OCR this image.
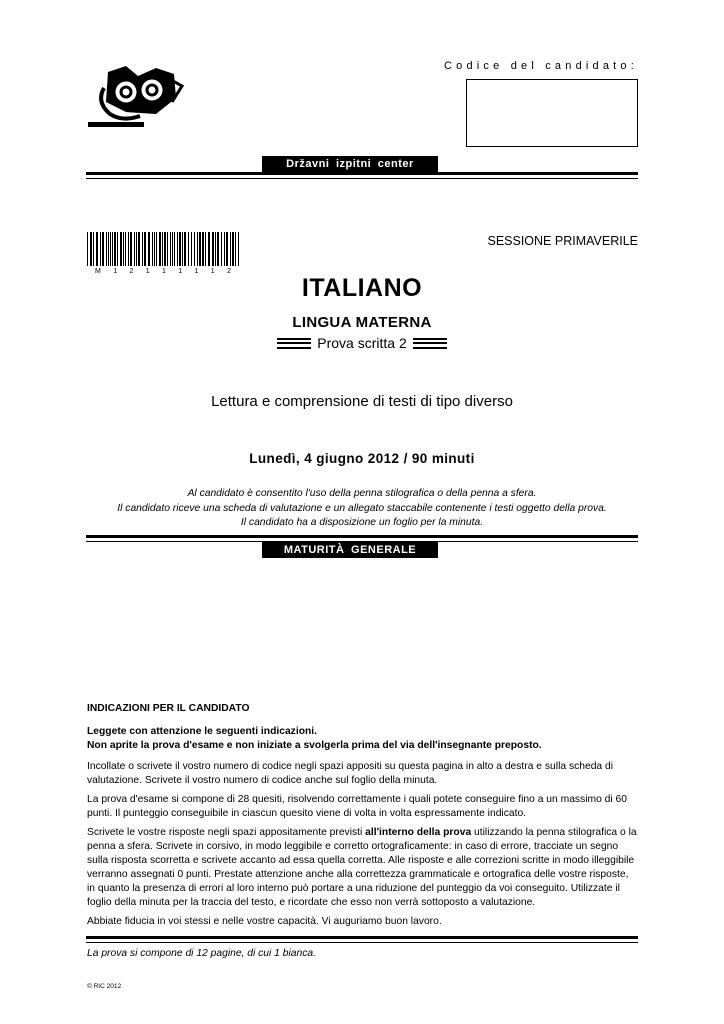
Codice del candidato:
Državni izpitni center
M 1 2 1 1 1 1 1 2
SESSIONE PRIMAVERILE
ITALIANO
LINGUA MATERNA
Prova scritta 2
Lettura e comprensione di testi di tipo diverso
Lunedì, 4 giugno 2012 / 90 minuti
Al candidato è consentito l'uso della penna stilografica o della penna a sfera.
Il candidato riceve una scheda di valutazione e un allegato staccabile contenente i testi oggetto della prova.
Il candidato ha a disposizione un foglio per la minuta.
MATURITÀ GENERALE

INDICAZIONI PER IL CANDIDATO

Leggete con attenzione le seguenti indicazioni.

Non aprite la prova d'esame e non iniziate a svolgerla prima del via dell'insegnante preposto.

Incollate o scrivete il vostro numero di codice negli spazi appositi su questa pagina in alto a destra e sulla scheda di valutazione. Scrivete il vostro numero di codice anche sul foglio della minuta.

La prova d'esame si compone di 28 quesiti, risolvendo correttamente i quali potete conseguire fino a un massimo di 60 punti. Il punteggio conseguibile in ciascun quesito viene di volta in volta espressamente indicato.

Scrivete le vostre risposte negli spazi appositamente previsti all'interno della prova utilizzando la penna stilografica o la penna a sfera. Scrivete in corsivo, in modo leggibile e corretto ortograficamente: in caso di errore, tracciate un segno sulla risposta scorretta e scrivete accanto ad essa quella corretta. Alle risposte e alle correzioni scritte in modo illeggibile verranno assegnati 0 punti. Prestate attenzione anche alla correttezza grammaticale e ortografica delle vostre risposte, in quanto la presenza di errori al loro interno può portare a una riduzione del punteggio da voi conseguito. Utilizzate il foglio della minuta per la traccia del testo, e ricordate che esso non verrà sottoposto a valutazione.

Abbiate fiducia in voi stessi e nelle vostre capacità. Vi auguriamo buon lavoro.

La prova si compone di 12 pagine, di cui 1 bianca.
© RIC 2012
